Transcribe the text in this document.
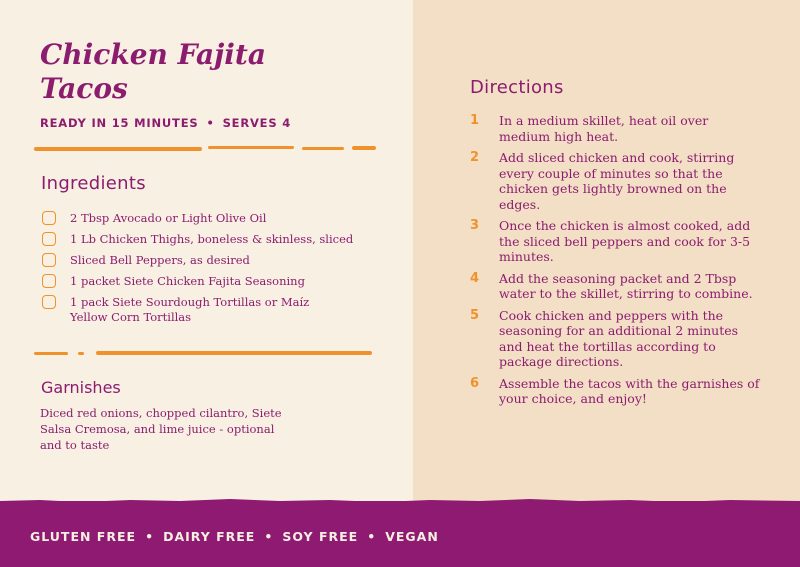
Chicken Fajita
Tacos
READY IN 15 MINUTES • SERVES 4
Ingredients
2 Tbsp Avocado or Light Olive Oil
1 Lb Chicken Thighs, boneless & skinless, sliced
Sliced Bell Peppers, as desired
1 packet Siete Chicken Fajita Seasoning
1 pack Siete Sourdough Tortillas or Maíz Yellow Corn Tortillas
Garnishes
Diced red onions, chopped cilantro, Siete Salsa Cremosa, and lime juice - optional and to taste
Directions
1 In a medium skillet, heat oil over medium high heat.
2 Add sliced chicken and cook, stirring every couple of minutes so that the chicken gets lightly browned on the edges.
3 Once the chicken is almost cooked, add the sliced bell peppers and cook for 3-5 minutes.
4 Add the seasoning packet and 2 Tbsp water to the skillet, stirring to combine.
5 Cook chicken and peppers with the seasoning for an additional 2 minutes and heat the tortillas according to package directions.
6 Assemble the tacos with the garnishes of your choice, and enjoy!
GLUTEN FREE • DAIRY FREE • SOY FREE • VEGAN
